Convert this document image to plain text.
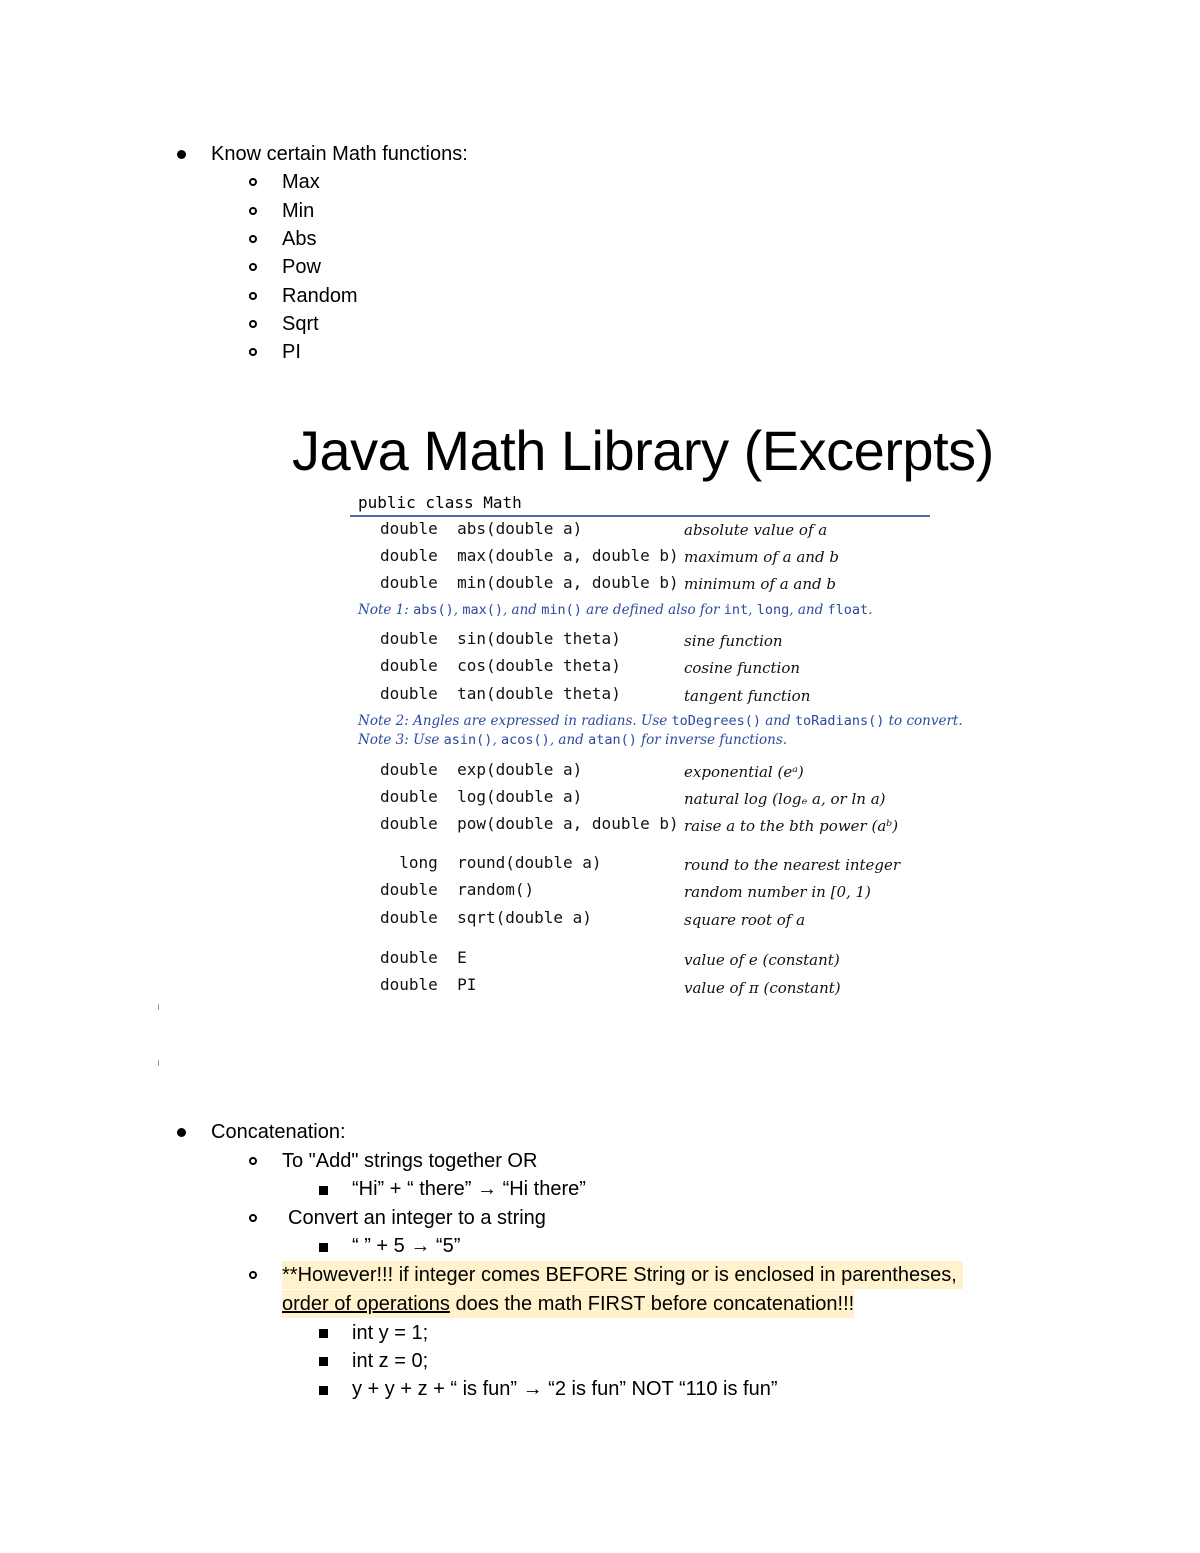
Know certain Math functions:
Max
Min
Abs
Pow
Random
Sqrt
PI
Java Math Library (Excerpts)
public class Math
double  abs(double a)	absolute value of a
double  max(double a, double b) maximum of a and b
double  min(double a, double b) minimum of a and b
Note 1: abs(), max(), and min() are defined also for int, long, and float.
double  sin(double theta)	sine function
double  cos(double theta)	cosine function
double  tan(double theta)	tangent function
Note 2: Angles are expressed in radians. Use toDegrees() and toRadians() to convert.
Note 3: Use asin(), acos(), and atan() for inverse functions.
double  exp(double a)	exponential (eᵃ)
double  log(double a)	natural log (logₑ a, or ln a)
double  pow(double a, double b) raise a to the bth power (aᵇ)
long  round(double a)	round to the nearest integer
double  random()	random number in [0, 1)
double  sqrt(double a)	square root of a
double  E	value of e (constant)
double  PI	value of π (constant)
Concatenation:
To "Add" strings together OR
“Hi” + “ there” → “Hi there”
Convert an integer to a string
“ ” + 5 → “5”
**However!!! if integer comes BEFORE String or is enclosed in parentheses,
order of operations does the math FIRST before concatenation!!!
int y = 1;
int z = 0;
y + y + z + “ is fun” → “2 is fun” NOT “110 is fun”
